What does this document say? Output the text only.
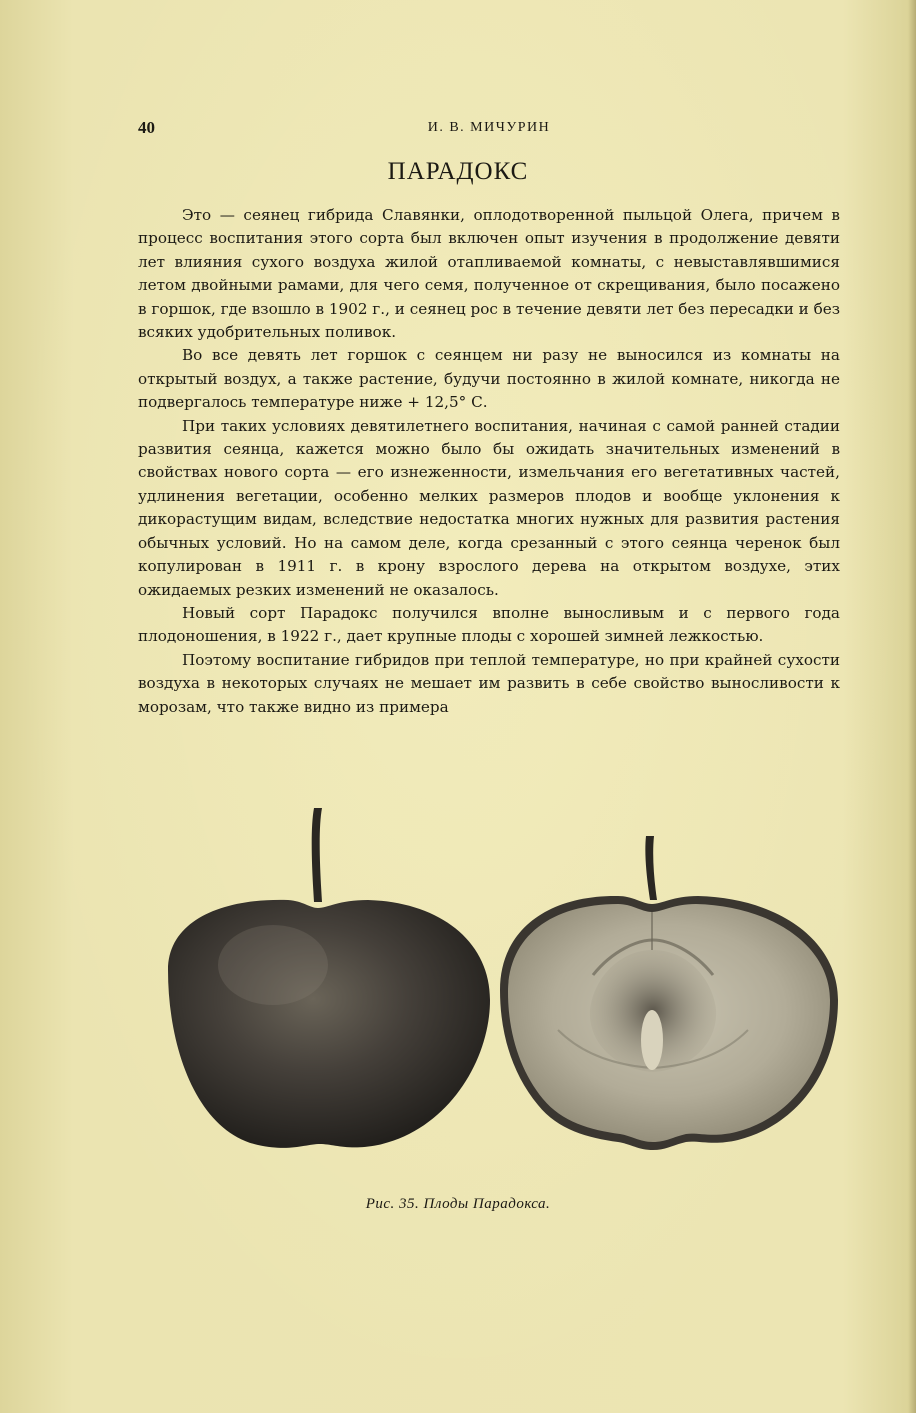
40	И. В. МИЧУРИН
ПАРАДОКС

Это — сеянец гибрида Славянки, оплодотворенной пыльцой Олега, причем в процесс воспитания этого сорта был включен опыт изучения в продолжение девяти лет влияния сухого воздуха жилой отапливаемой комнаты, с невыставлявшимися летом двойными рамами, для чего семя, полученное от скрещивания, было посажено в горшок, где взошло в 1902 г., и сеянец рос в течение девяти лет без пересадки и без всяких удобрительных поливок.

Во все девять лет горшок с сеянцем ни разу не выносился из комнаты на открытый воздух, а также растение, будучи постоянно в жилой комнате, никогда не подвергалось температуре ниже + 12,5° С.

При таких условиях девятилетнего воспитания, начиная с самой ранней стадии развития сеянца, кажется можно было бы ожидать значительных изменений в свойствах нового сорта — его изнеженности, измельчания его вегетативных частей, удлинения вегетации, особенно мелких размеров плодов и вообще уклонения к дикорастущим видам, вследствие недостатка многих нужных для развития растения обычных условий. Но на самом деле, когда срезанный с этого сеянца черенок был копулирован в 1911 г. в крону взрослого дерева на открытом воздухе, этих ожидаемых резких изменений не оказалось.

Новый сорт Парадокс получился вполне выносливым и с первого года плодоношения, в 1922 г., дает крупные плоды с хорошей зимней лежкостью.

Поэтому воспитание гибридов при теплой температуре, но при крайней сухости воздуха в некоторых случаях не мешает им развить в себе свойство выносливости к морозам, что также видно из примера

Рис. 35. Плоды Парадокса.
